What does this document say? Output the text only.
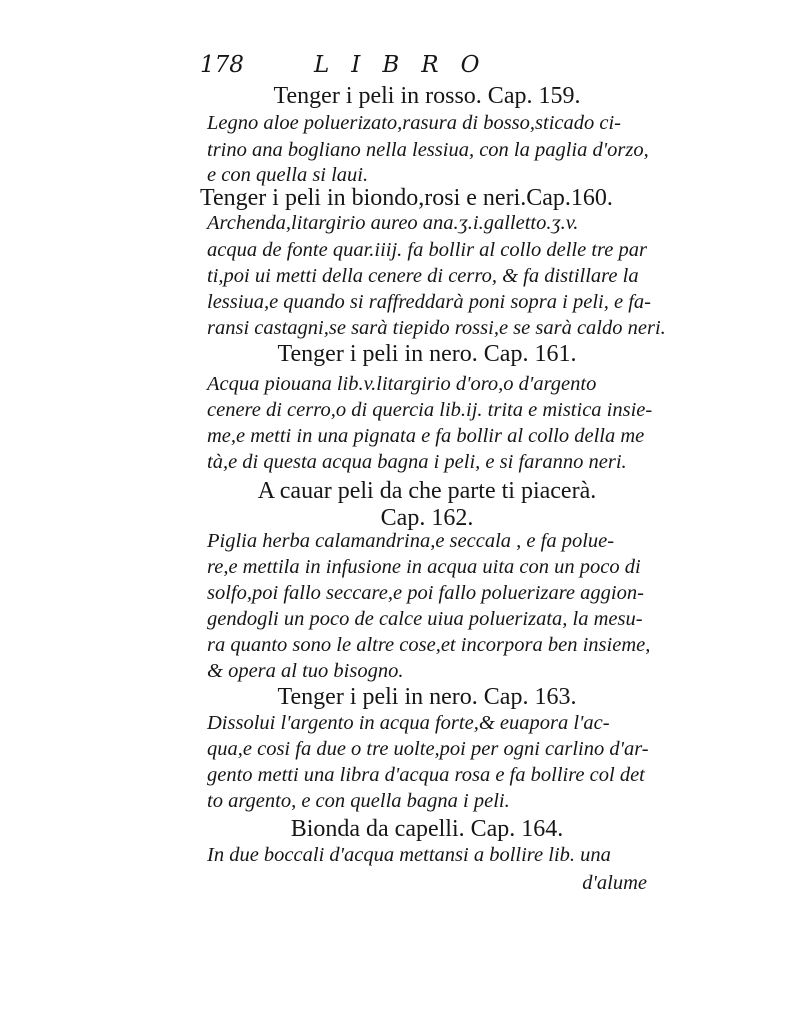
178	LIBRO
Tenger i peli in rosso. Cap. 159.
Legno aloe poluerizato,rasura di bosso,sticado ci-
trino ana bogliano nella lessiua, con la paglia d'orzo,
e con quella si laui.
Tenger i peli in biondo,rosi e neri.Cap.160.
Archenda,litargirio aureo ana.ʒ.i.galletto.ʒ.v.
acqua de fonte quar.iiij. fa bollir al collo delle tre par
ti,poi ui metti della cenere di cerro, & fa distillare la
lessiua,e quando si raffreddarà poni sopra i peli, e fa-
ransi castagni,se sarà tiepido rossi,e se sarà caldo neri.
Tenger i peli in nero. Cap. 161.
Acqua piouana lib.v.litargirio d'oro,o d'argento
cenere di cerro,o di quercia lib.ij. trita e mistica insie-
me,e metti in una pignata e fa bollir al collo della me
tà,e di questa acqua bagna i peli, e si faranno neri.
A cauar peli da che parte ti piacerà.
Cap. 162.
Piglia herba calamandrina,e seccala , e fa polue-
re,e mettila in infusione in acqua uita con un poco di
solfo,poi fallo seccare,e poi fallo poluerizare aggion-
gendogli un poco de calce uiua poluerizata, la mesu-
ra quanto sono le altre cose,et incorpora ben insieme,
& opera al tuo bisogno.
Tenger i peli in nero. Cap. 163.
Dissolui l'argento in acqua forte,& euapora l'ac-
qua,e cosi fa due o tre uolte,poi per ogni carlino d'ar-
gento metti una libra d'acqua rosa e fa bollire col det
to argento, e con quella bagna i peli.
Bionda da capelli. Cap. 164.
In due boccali d'acqua mettansi a bollire lib. una
d'alume
